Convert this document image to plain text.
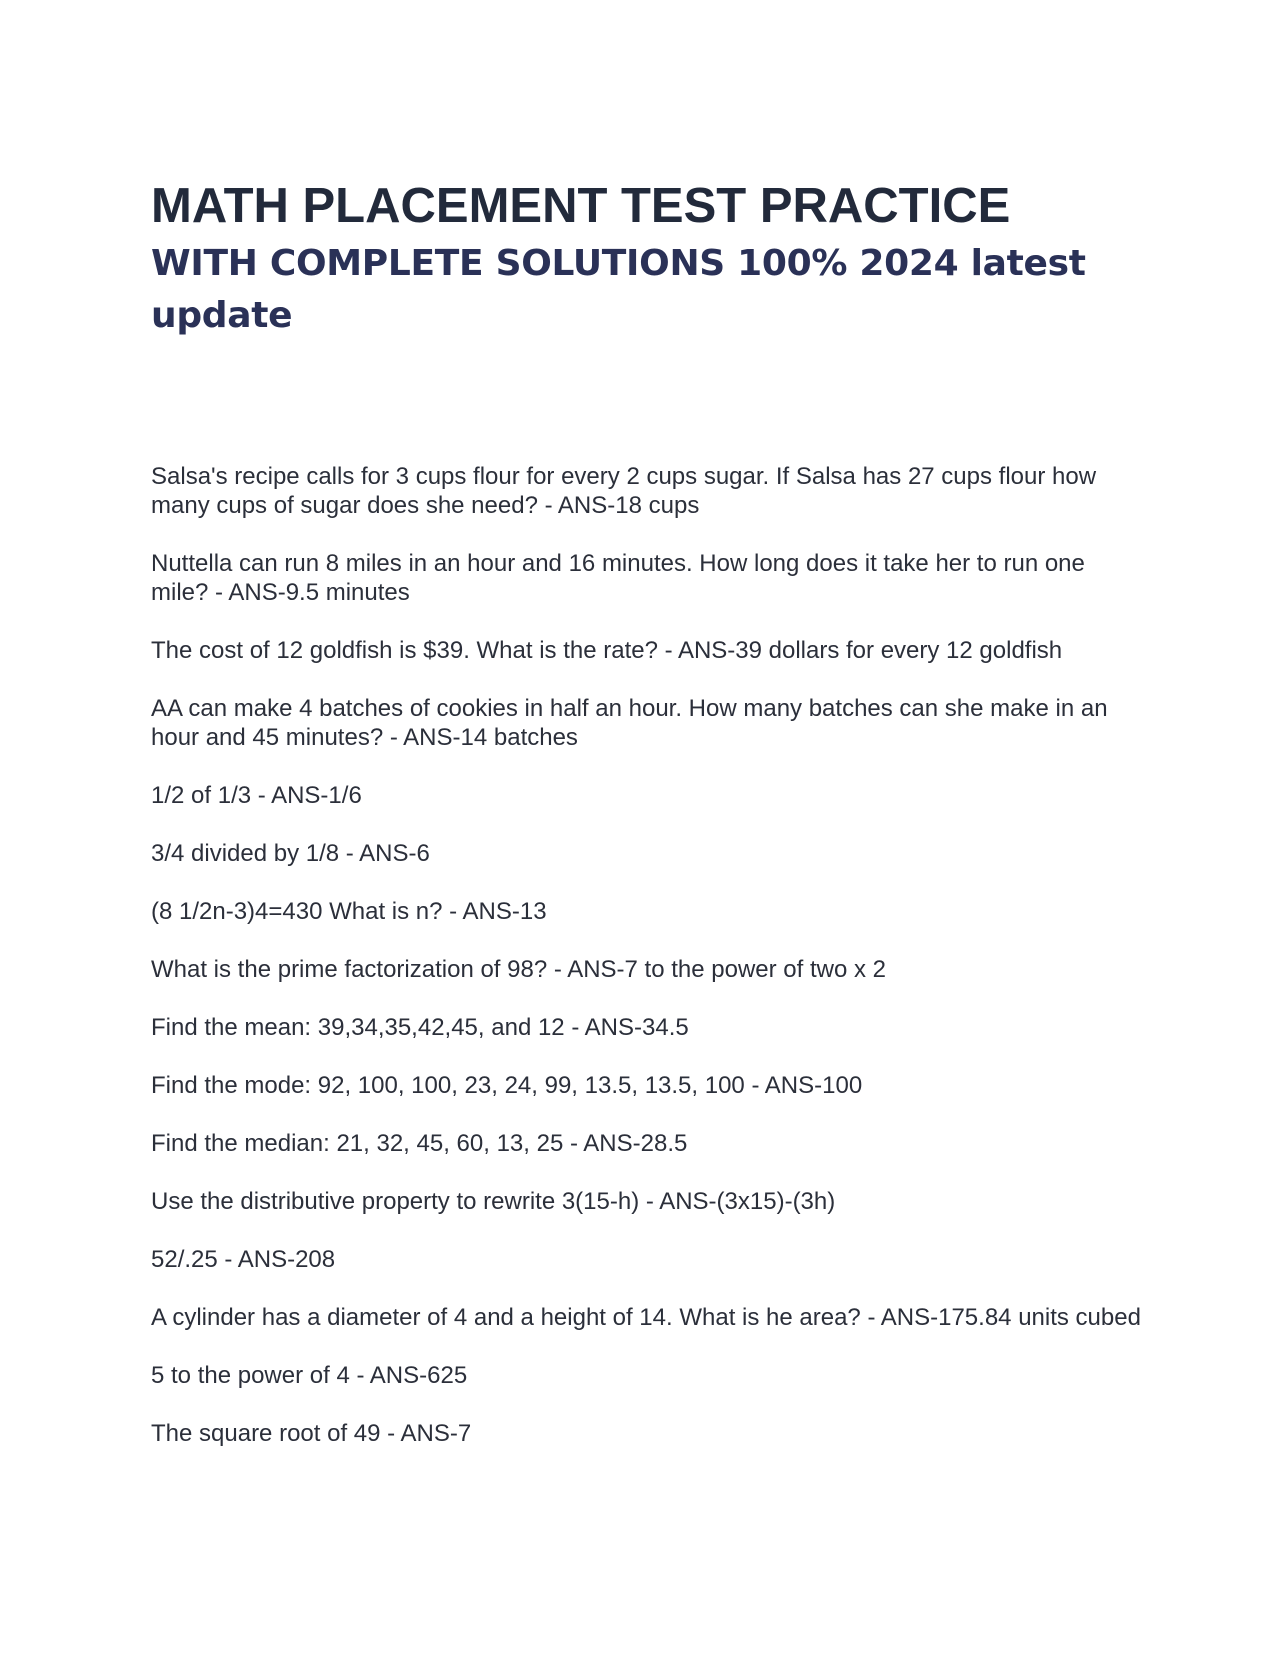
MATH PLACEMENT TEST PRACTICE
WITH COMPLETE SOLUTIONS 100% 2024 latest update

Salsa's recipe calls for 3 cups flour for every 2 cups sugar. If Salsa has 27 cups flour how many cups of sugar does she need? - ANS-18 cups

Nuttella can run 8 miles in an hour and 16 minutes. How long does it take her to run one mile? - ANS-9.5 minutes

The cost of 12 goldfish is $39. What is the rate? - ANS-39 dollars for every 12 goldfish

AA can make 4 batches of cookies in half an hour. How many batches can she make in an hour and 45 minutes? - ANS-14 batches

1/2 of 1/3 - ANS-1/6

3/4 divided by 1/8 - ANS-6

(8 1/2n-3)4=430 What is n? - ANS-13

What is the prime factorization of 98? - ANS-7 to the power of two x 2

Find the mean: 39,34,35,42,45, and 12 - ANS-34.5

Find the mode: 92, 100, 100, 23, 24, 99, 13.5, 13.5, 100 - ANS-100

Find the median: 21, 32, 45, 60, 13, 25 - ANS-28.5

Use the distributive property to rewrite 3(15-h) - ANS-(3x15)-(3h)

52/.25 - ANS-208

A cylinder has a diameter of 4 and a height of 14. What is he area? - ANS-175.84 units cubed

5 to the power of 4 - ANS-625

The square root of 49 - ANS-7
